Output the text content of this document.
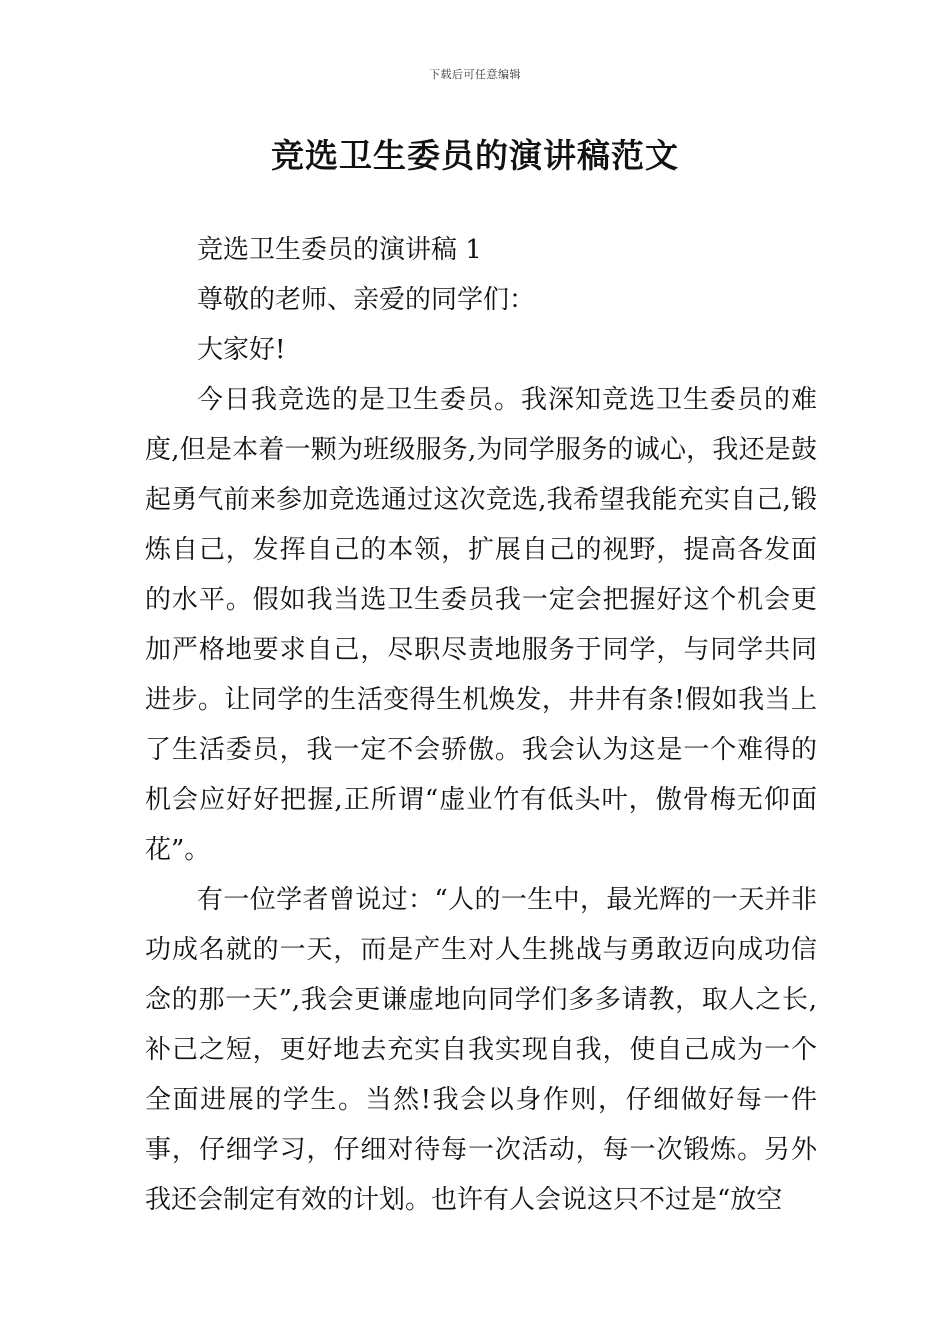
下载后可任意编辑
竞选卫生委员的演讲稿范文

竞选卫生委员的演讲稿 1

尊敬的老师、亲爱的同学们：

大家好!

今日我竞选的是卫生委员。我深知竞选卫生委员的难度,但是本着一颗为班级服务,为同学服务的诚心，我还是鼓起勇气前来参加竞选通过这次竞选,我希望我能充实自己,锻炼自己，发挥自己的本领，扩展自己的视野，提高各发面的水平。假如我当选卫生委员我一定会把握好这个机会更加严格地要求自己，尽职尽责地服务于同学，与同学共同进步。让同学的生活变得生机焕发，井井有条!假如我当上了生活委员，我一定不会骄傲。我会认为这是一个难得的机会应好好把握,正所谓“虚业竹有低头叶，傲骨梅无仰面花”。

有一位学者曾说过：“人的一生中，最光辉的一天并非功成名就的一天，而是产生对人生挑战与勇敢迈向成功信念的那一天”,我会更谦虚地向同学们多多请教，取人之长,补己之短，更好地去充实自我实现自我，使自己成为一个全面进展的学生。当然!我会以身作则，仔细做好每一件事，仔细学习，仔细对待每一次活动，每一次锻炼。另外我还会制定有效的计划。也许有人会说这只不过是“放空
